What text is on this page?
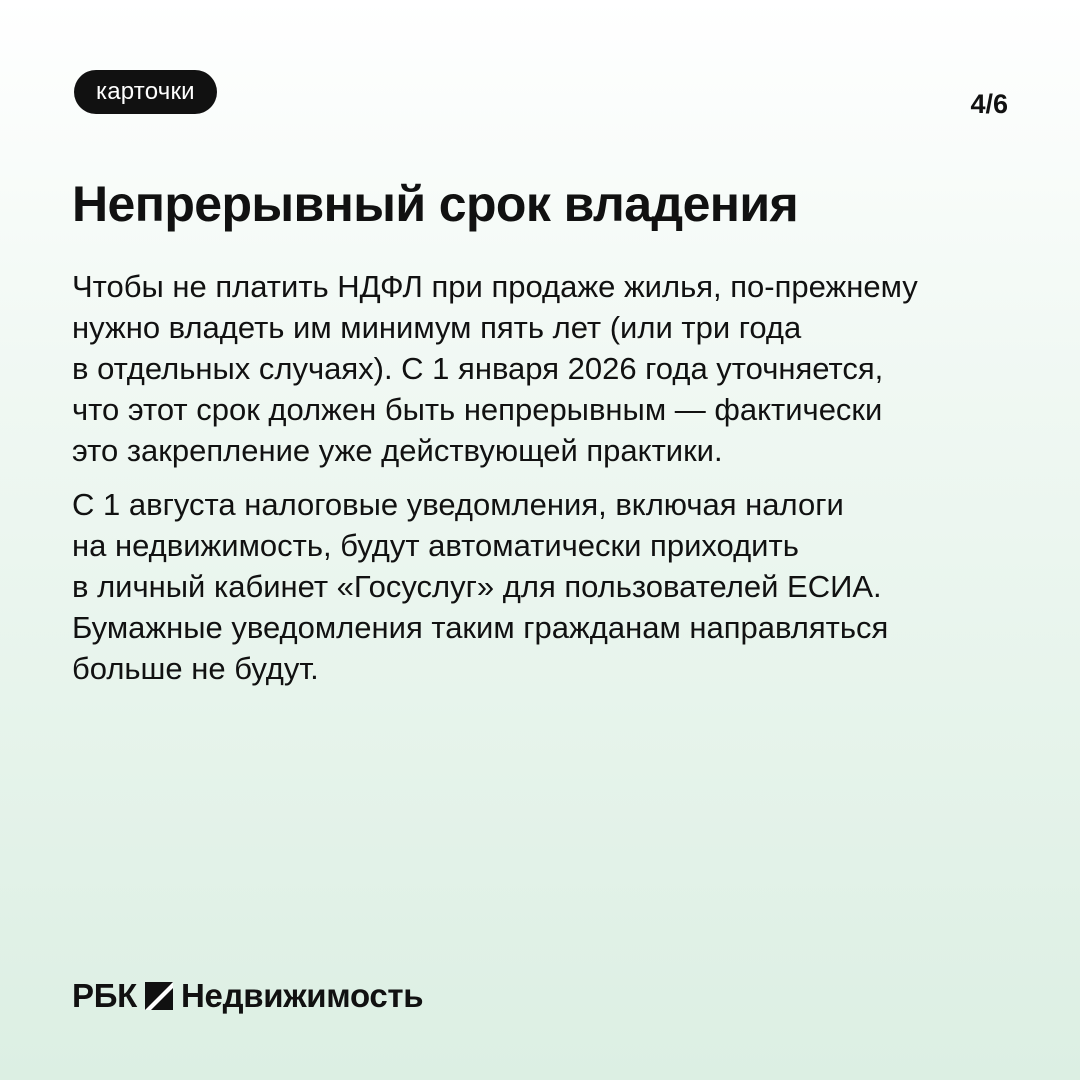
карточки	4/6
Непрерывный срок владения

Чтобы не платить НДФЛ при продаже жилья, по-прежнему
нужно владеть им минимум пять лет (или три года
в отдельных случаях). С 1 января 2026 года уточняется,
что этот срок должен быть непрерывным — фактически
это закрепление уже действующей практики.

С 1 августа налоговые уведомления, включая налоги
на недвижимость, будут автоматически приходить
в личный кабинет «Госуслуг» для пользователей ЕСИА.
Бумажные уведомления таким гражданам направляться
больше не будут.

РБК Недвижимость
